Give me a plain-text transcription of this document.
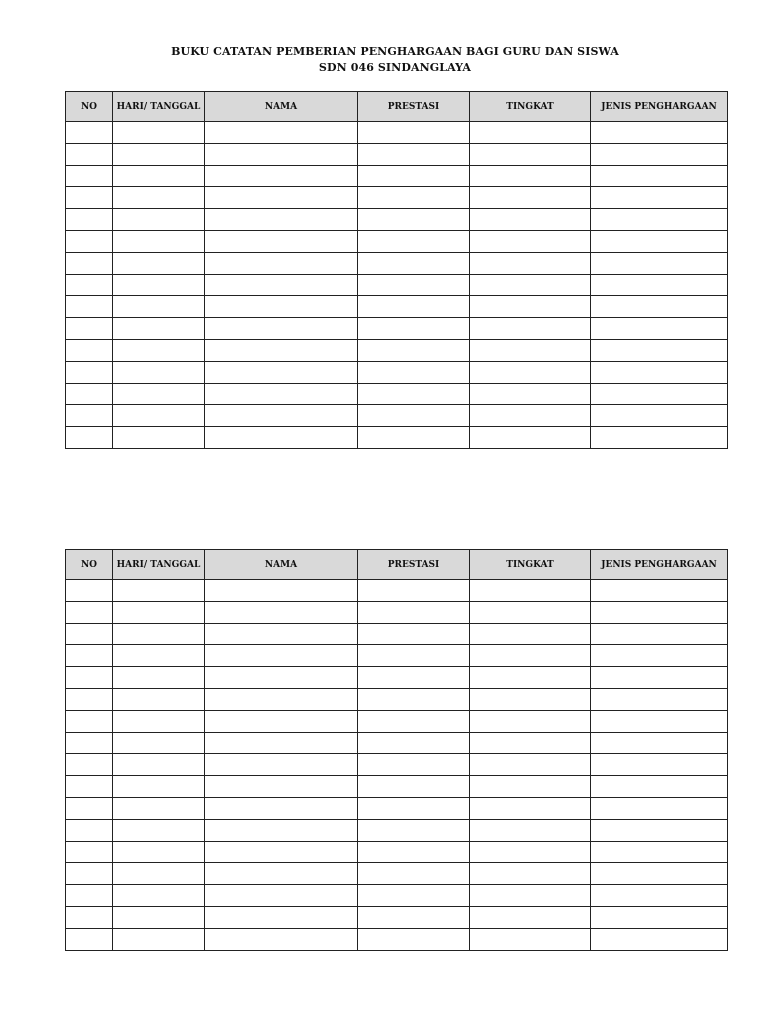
BUKU CATATAN PEMBERIAN PENGHARGAAN BAGI GURU DAN SISWA
SDN 046 SINDANGLAYA
NO	HARI/ TANGGAL	NAMA	PRESTASI	TINGKAT	JENIS PENGHARGAAN

NO	HARI/ TANGGAL	NAMA	PRESTASI	TINGKAT	JENIS PENGHARGAAN
